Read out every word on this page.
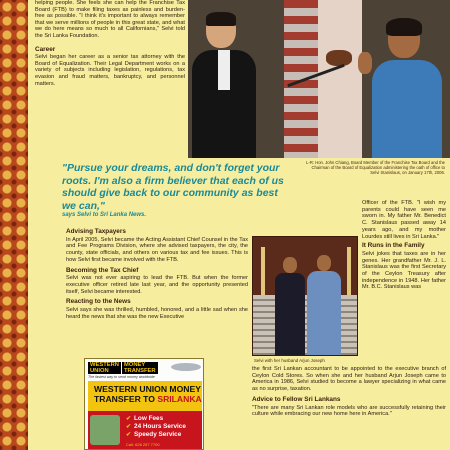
helping people. She feels she can help the Franchise Tax Board (FTB) to make filing taxes as painless and burden-free as possible. "I think it's important to always remember that we serve millions of people in this great state, and what we do here means so much to all Californians," Selvi told the Sri Lanka Foundation.

Career

Selvi began her career as a senior tax attorney with the Board of Equalization. Their Legal Department works on a variety of subjects including legislation, regulations, tax evasion and fraud matters, bankruptcy, and personnel matters.

L-R: Hon. John Chiang, Board Member of the Franchise Tax Board and the Chairman of the Board of Equalization administering the oath of office to Selvi Stanislaus, on January 17th, 2006.
"Pursue your dreams, and don't forget your roots. I'm also a firm believer that each of us should give back to our community as best we can,"
says Selvi to Sri Lanka News.
Advising Taxpayers

In April 2005, Selvi became the Acting Assistant Chief Counsel in the Tax and Fee Programs Division, where she advised taxpayers, the city, the county, state officials, and others on various tax and fee issues. This is how Selvi first became involved with the FTB.

Becoming the Tax Chief

Selvi was not ever aspiring to lead the FTB. But when the former executive officer retired late last year, and the opportunity presented itself, Selvi became interested.

Reacting to the News

Selvi says she was thrilled, humbled, honored, and a little sad when she heard the news that she was the new Executive

Selvi with her husband Arjun Joseph

Officer of the FTB. "I wish my parents could have seen me sworn in. My father Mr. Benedict C. Stanislaus passed away 14 years ago, and my mother Lourdes still lives in Sri Lanka."

It Runs in the Family

Selvi jokes that taxes are in her genes. Her grandfather Mr. J. L. Stanislaus was the first Secretary of the Ceylon Treasury after independence in 1948. Her father Mr. B.C. Stanislaus was

the first Sri Lankan accountant to be appointed to the executive branch of Ceylon Cold Stores. So when she and her husband Arjun Joseph came to America in 1986, Selvi studied to become a lawyer specializing in what came as no surprise, taxation.

Advice to Fellow Sri Lankans

"There are many Sri Lankan role models who are successfully retaining their culture while embracing our new home here in America."

WESTERN
UNION
MONEY
TRANSFER
The fastest way to send money worldwide
WESTERN UNION MONEY
TRANSFER TO SRILANKA
✔ Low Fees
✔ 24 Hours Service
✔ Speedy Service
Call: 626 257 7700
